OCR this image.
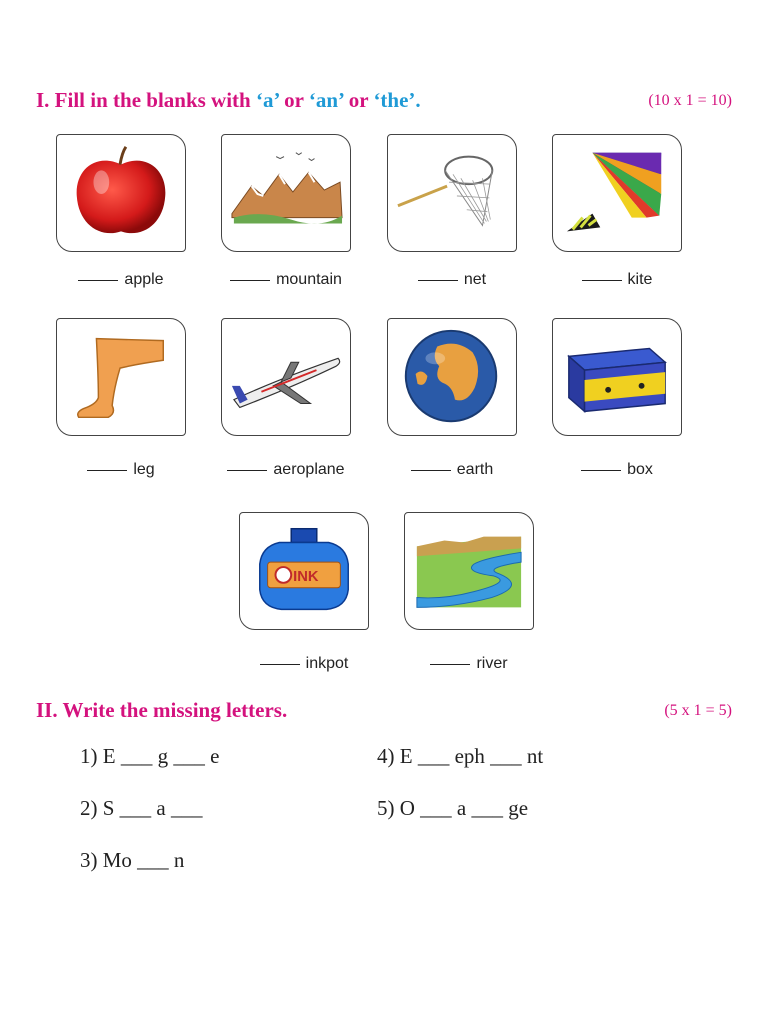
I. Fill in the blanks with ‘a’ or ‘an’ or ‘the’.	(10 x 1 = 10)
apple	mountain	net	kite
leg	aeroplane	earth	box
INK
inkpot	river
II. Write the missing letters.	(5 x 1 = 5)
1) E ___ g ___ e
2) S ___ a ___
3) Mo ___ n
4) E ___ eph ___ nt
5) O ___ a ___ ge
